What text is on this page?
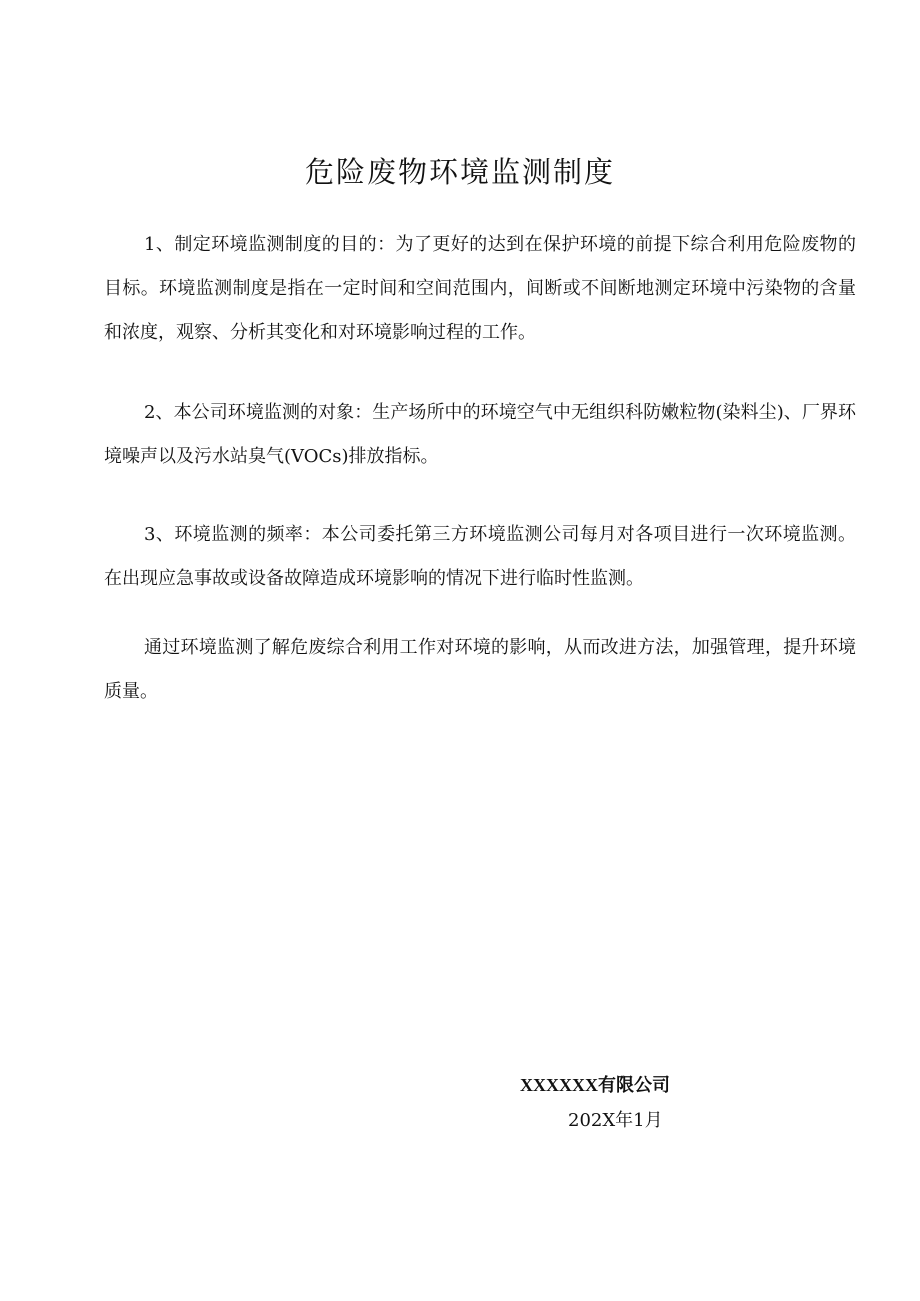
危险废物环境监测制度

1、制定环境监测制度的目的：为了更好的达到在保护环境的前提下综合利用危险废物的目标。环境监测制度是指在一定时间和空间范围内，间断或不间断地测定环境中污染物的含量和浓度，观察、分析其变化和对环境影响过程的工作。

2、本公司环境监测的对象：生产场所中的环境空气中无组织科防嫩粒物(染料尘)、厂界环境噪声以及污水站臭气(VOCs)排放指标。

3、环境监测的频率：本公司委托第三方环境监测公司每月对各项目进行一次环境监测。在出现应急事故或设备故障造成环境影响的情况下进行临时性监测。

通过环境监测了解危废综合利用工作对环境的影响，从而改进方法，加强管理，提升环境质量。

XXXXXX有限公司
202X年1月
